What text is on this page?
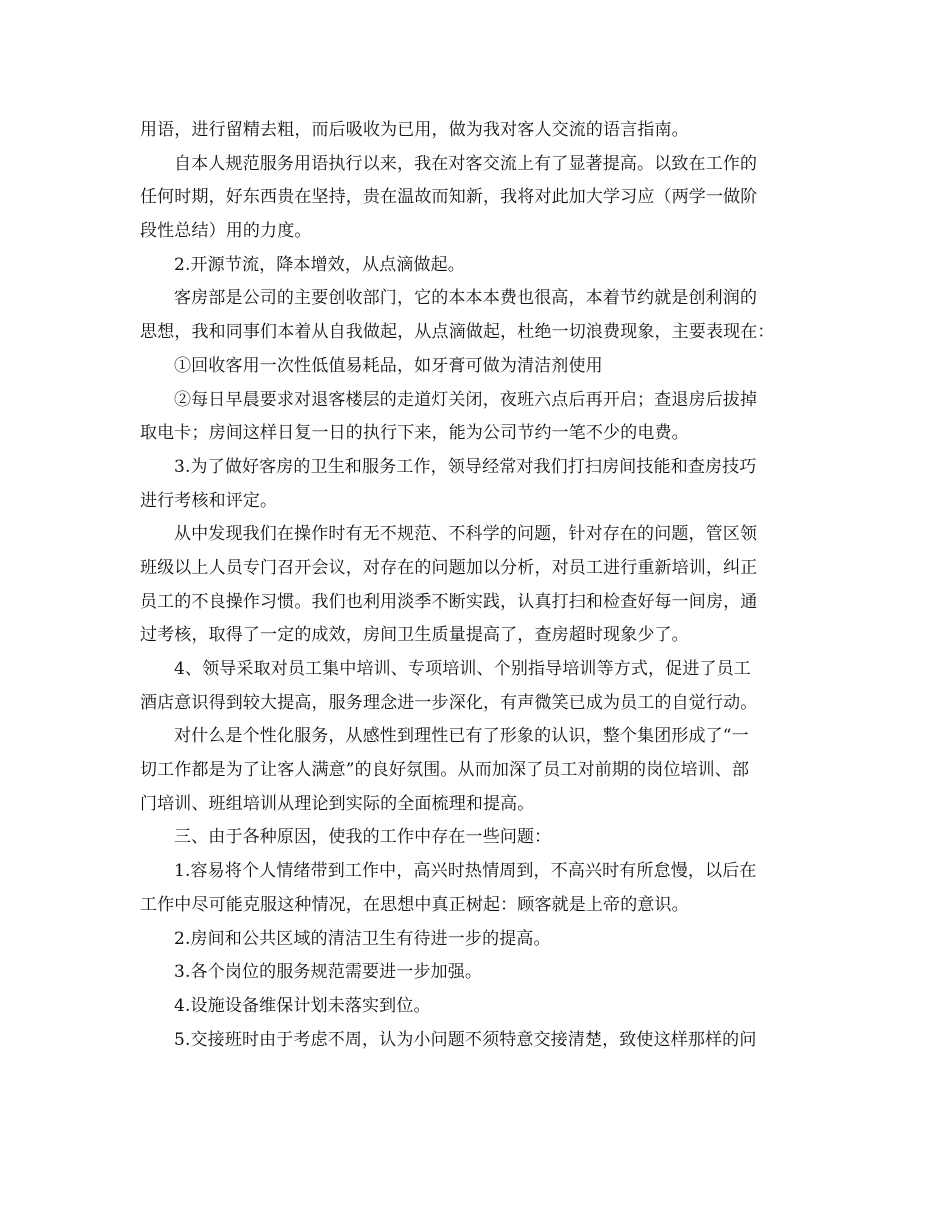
用语，进行留精去粗，而后吸收为已用，做为我对客人交流的语言指南。
自本人规范服务用语执行以来，我在对客交流上有了显著提高。以致在工作的
任何时期，好东西贵在坚持，贵在温故而知新，我将对此加大学习应（两学一做阶
段性总结）用的力度。
2.开源节流，降本增效，从点滴做起。
客房部是公司的主要创收部门，它的本本本费也很高，本着节约就是创利润的
思想，我和同事们本着从自我做起，从点滴做起，杜绝一切浪费现象，主要表现在：
①回收客用一次性低值易耗品，如牙膏可做为清洁剂使用
②每日早晨要求对退客楼层的走道灯关闭，夜班六点后再开启；查退房后拔掉
取电卡；房间这样日复一日的执行下来，能为公司节约一笔不少的电费。
3.为了做好客房的卫生和服务工作，领导经常对我们打扫房间技能和查房技巧
进行考核和评定。
从中发现我们在操作时有无不规范、不科学的问题，针对存在的问题，管区领
班级以上人员专门召开会议，对存在的问题加以分析，对员工进行重新培训，纠正
员工的不良操作习惯。我们也利用淡季不断实践，认真打扫和检查好每一间房，通
过考核，取得了一定的成效，房间卫生质量提高了，查房超时现象少了。
4、领导采取对员工集中培训、专项培训、个别指导培训等方式，促进了员工
酒店意识得到较大提高，服务理念进一步深化，有声微笑已成为员工的自觉行动。
对什么是个性化服务，从感性到理性已有了形象的认识，整个集团形成了“一
切工作都是为了让客人满意”的良好氛围。从而加深了员工对前期的岗位培训、部
门培训、班组培训从理论到实际的全面梳理和提高。
三、由于各种原因，使我的工作中存在一些问题：
1.容易将个人情绪带到工作中，高兴时热情周到，不高兴时有所怠慢，以后在
工作中尽可能克服这种情况，在思想中真正树起：顾客就是上帝的意识。
2.房间和公共区域的清洁卫生有待进一步的提高。
3.各个岗位的服务规范需要进一步加强。
4.设施设备维保计划未落实到位。
5.交接班时由于考虑不周，认为小问题不须特意交接清楚，致使这样那样的问
